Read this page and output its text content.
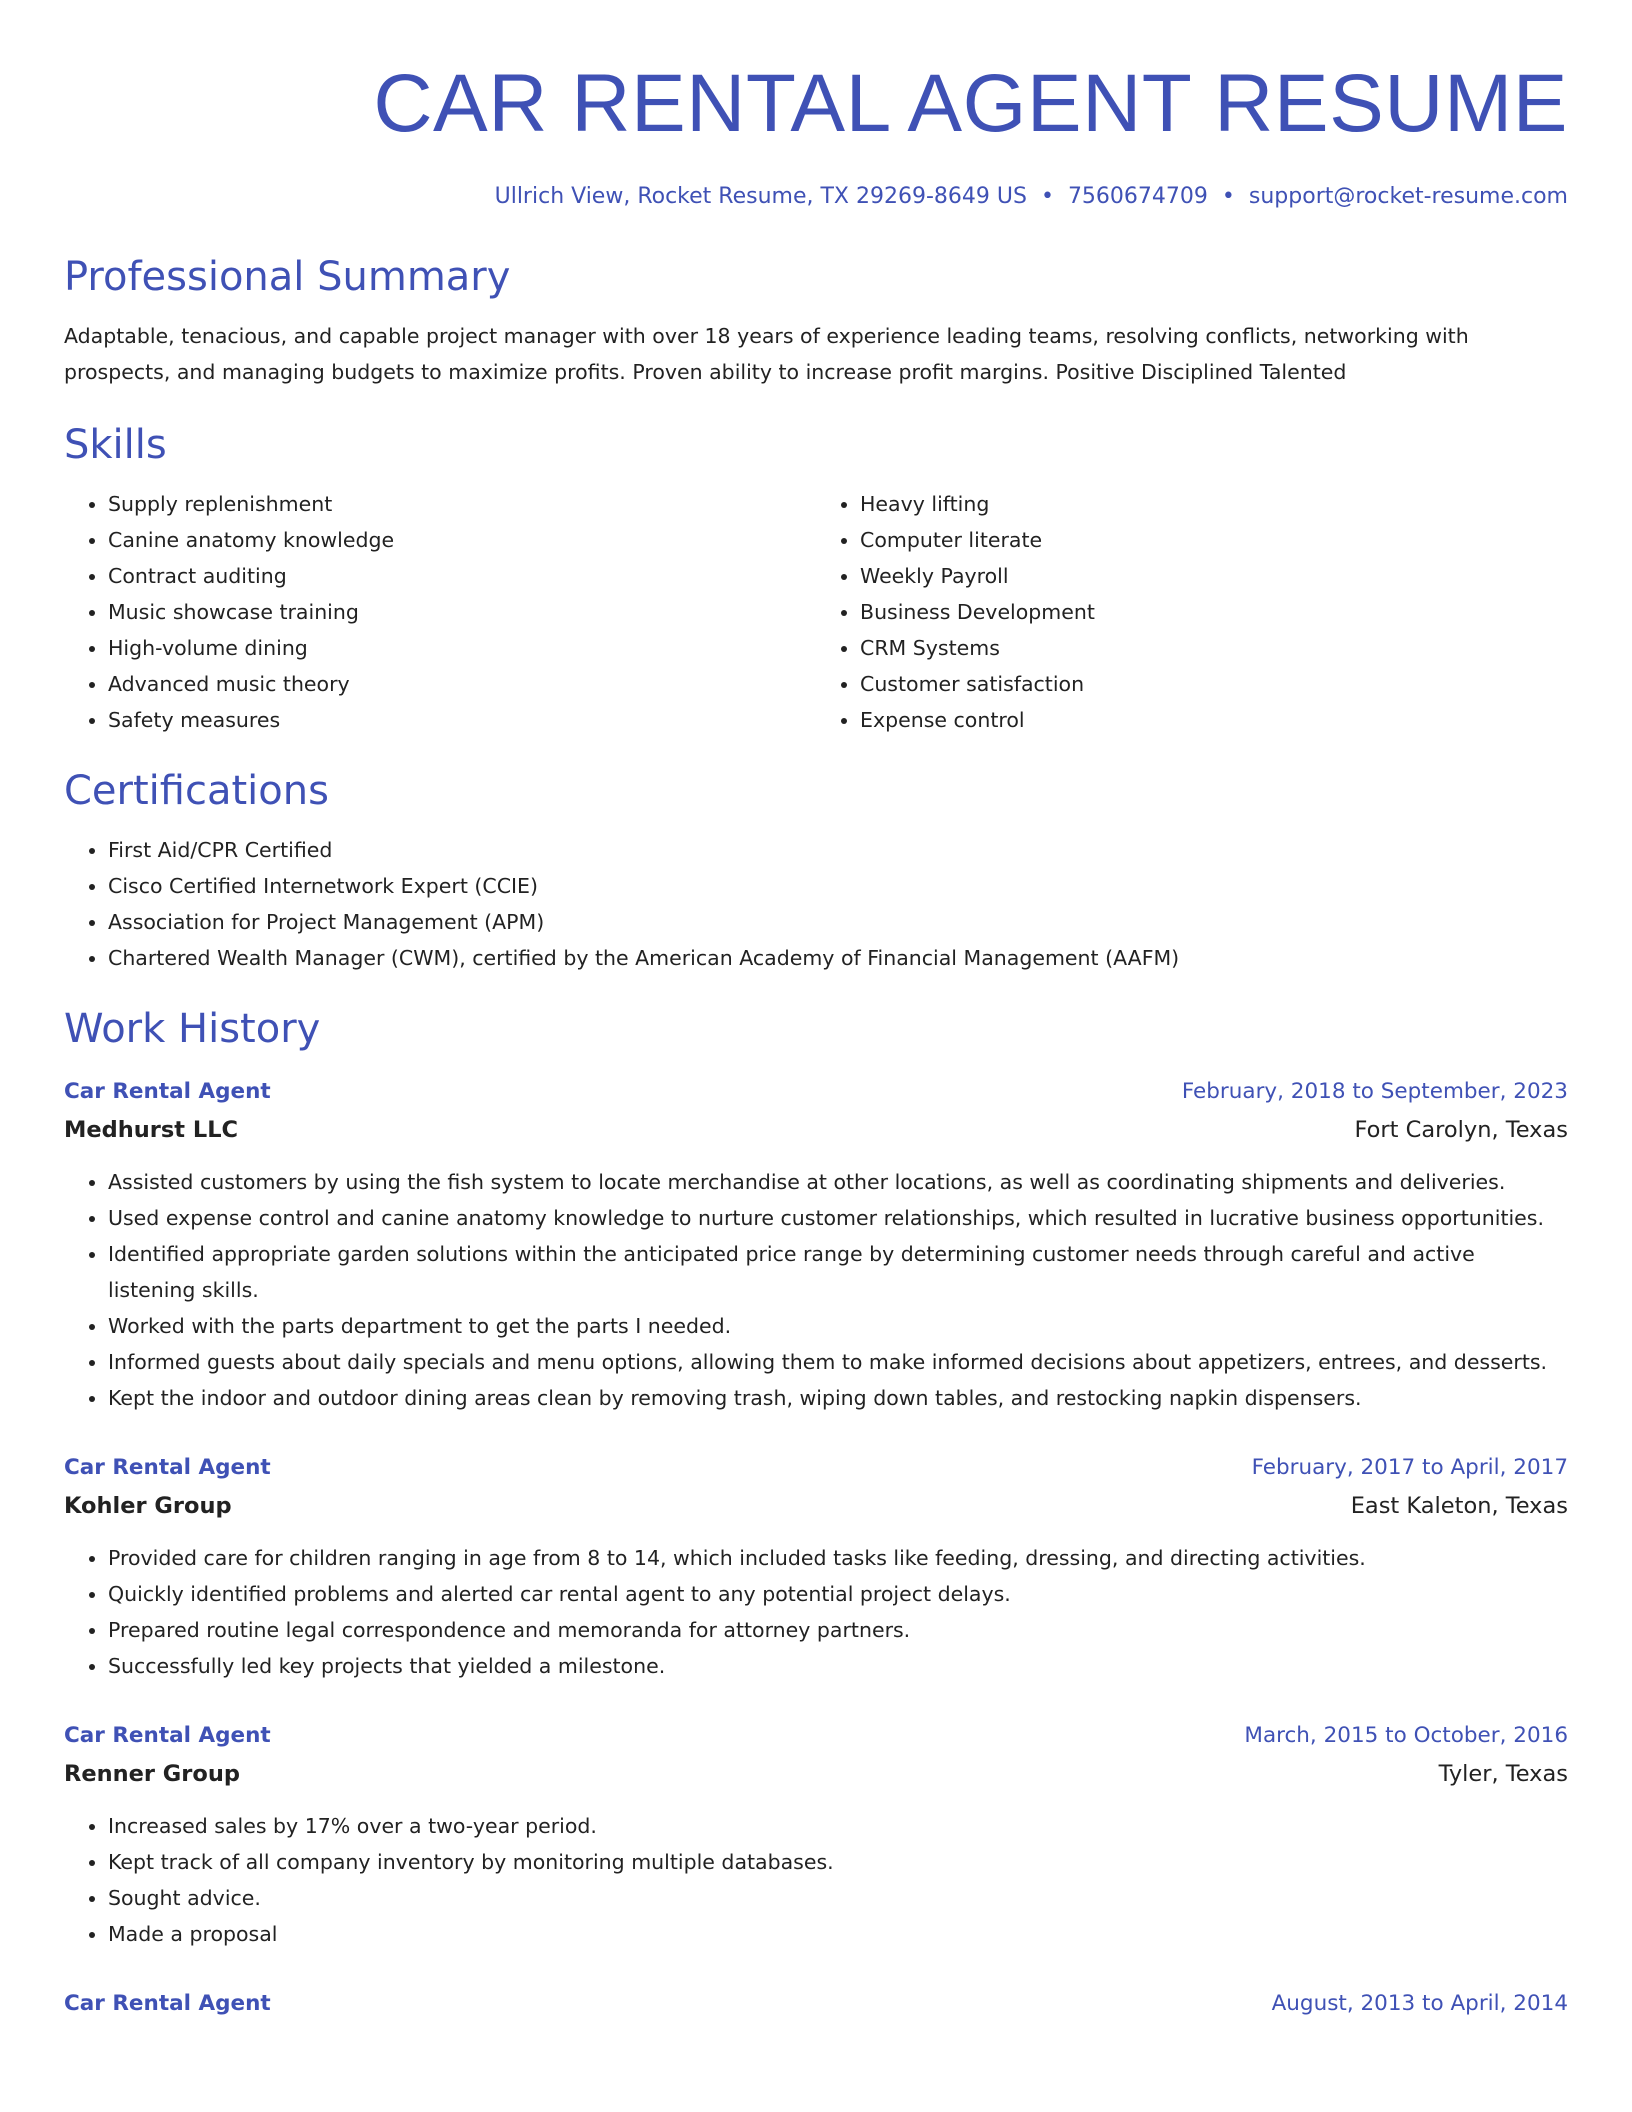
CAR RENTAL AGENT RESUME
Ullrich View, Rocket Resume, TX 29269-8649 US • 7560674709 • support@rocket-resume.com
Professional Summary
Adaptable, tenacious, and capable project manager with over 18 years of experience leading teams, resolving conflicts, networking with prospects, and managing budgets to maximize profits. Proven ability to increase profit margins. Positive Disciplined Talented
Skills
• Supply replenishment
• Canine anatomy knowledge
• Contract auditing
• Music showcase training
• High-volume dining
• Advanced music theory
• Safety measures
• Heavy lifting
• Computer literate
• Weekly Payroll
• Business Development
• CRM Systems
• Customer satisfaction
• Expense control
Certifications
• First Aid/CPR Certified
• Cisco Certified Internetwork Expert (CCIE)
• Association for Project Management (APM)
• Chartered Wealth Manager (CWM), certified by the American Academy of Financial Management (AAFM)
Work History
Car Rental Agent	February, 2018 to September, 2023
Medhurst LLC	Fort Carolyn, Texas
• Assisted customers by using the fish system to locate merchandise at other locations, as well as coordinating shipments and deliveries.
• Used expense control and canine anatomy knowledge to nurture customer relationships, which resulted in lucrative business opportunities.
• Identified appropriate garden solutions within the anticipated price range by determining customer needs through careful and active listening skills.
• Worked with the parts department to get the parts I needed.
• Informed guests about daily specials and menu options, allowing them to make informed decisions about appetizers, entrees, and desserts.
• Kept the indoor and outdoor dining areas clean by removing trash, wiping down tables, and restocking napkin dispensers.
Car Rental Agent	February, 2017 to April, 2017
Kohler Group	East Kaleton, Texas
• Provided care for children ranging in age from 8 to 14, which included tasks like feeding, dressing, and directing activities.
• Quickly identified problems and alerted car rental agent to any potential project delays.
• Prepared routine legal correspondence and memoranda for attorney partners.
• Successfully led key projects that yielded a milestone.
Car Rental Agent	March, 2015 to October, 2016
Renner Group	Tyler, Texas
• Increased sales by 17% over a two-year period.
• Kept track of all company inventory by monitoring multiple databases.
• Sought advice.
• Made a proposal
Car Rental Agent	August, 2013 to April, 2014
